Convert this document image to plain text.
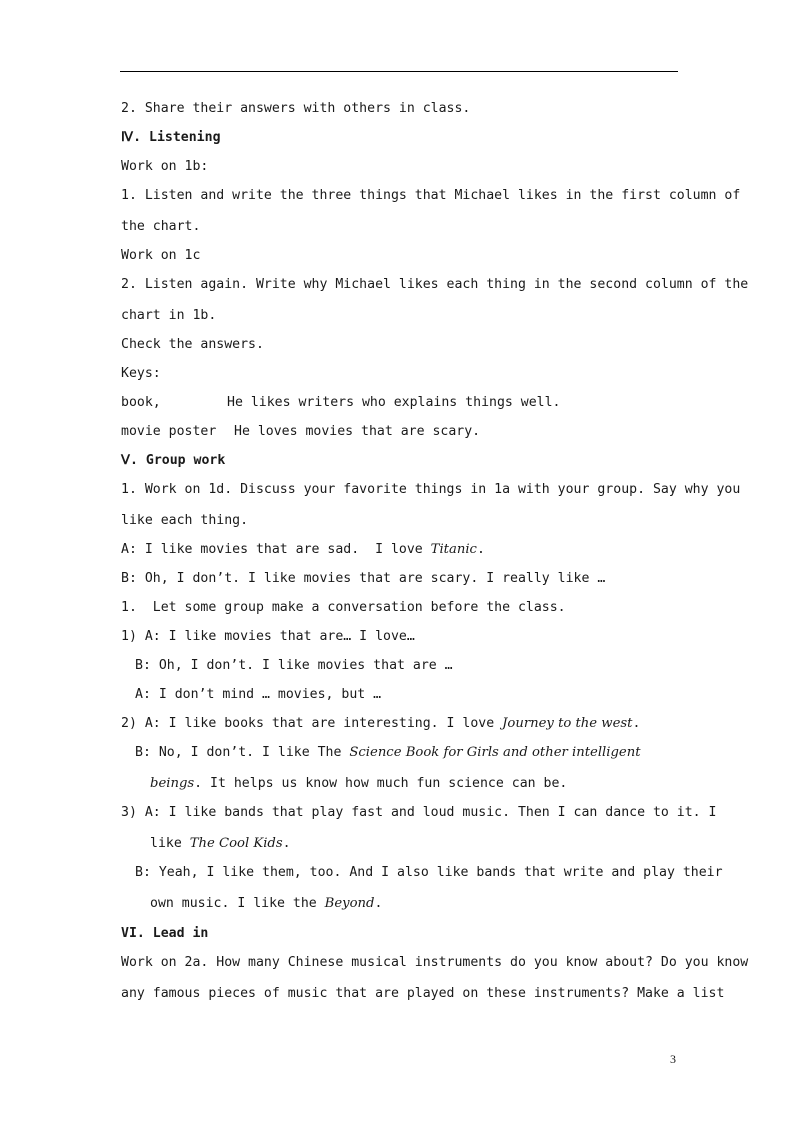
2. Share their answers with others in class.
Ⅳ. Listening
Work on 1b:
1. Listen and write the three things that Michael likes in the first column of
the chart.
Work on 1c
2. Listen again. Write why Michael likes each thing in the second column of the
chart in 1b.
Check the answers.
Keys:
book,	He likes writers who explains things well.
movie poster He loves movies that are scary.
Ⅴ. Group work
1. Work on 1d. Discuss your favorite things in 1a with your group. Say why you
like each thing.
A: I like movies that are sad.  I love Titanic.
B: Oh, I don’t. I like movies that are scary. I really like …
1.  Let some group make a conversation before the class.
1) A: I like movies that are… I love…
B: Oh, I don’t. I like movies that are …
A: I don’t mind … movies, but …
2) A: I like books that are interesting. I love Journey to the west.
B: No, I don’t. I like The Science Book for Girls and other intelligent
beings. It helps us know how much fun science can be.
3) A: I like bands that play fast and loud music. Then I can dance to it. I
like The Cool Kids.
B: Yeah, I like them, too. And I also like bands that write and play their
own music. I like the Beyond.
VI. Lead in
Work on 2a. How many Chinese musical instruments do you know about? Do you know
any famous pieces of music that are played on these instruments? Make a list
3
